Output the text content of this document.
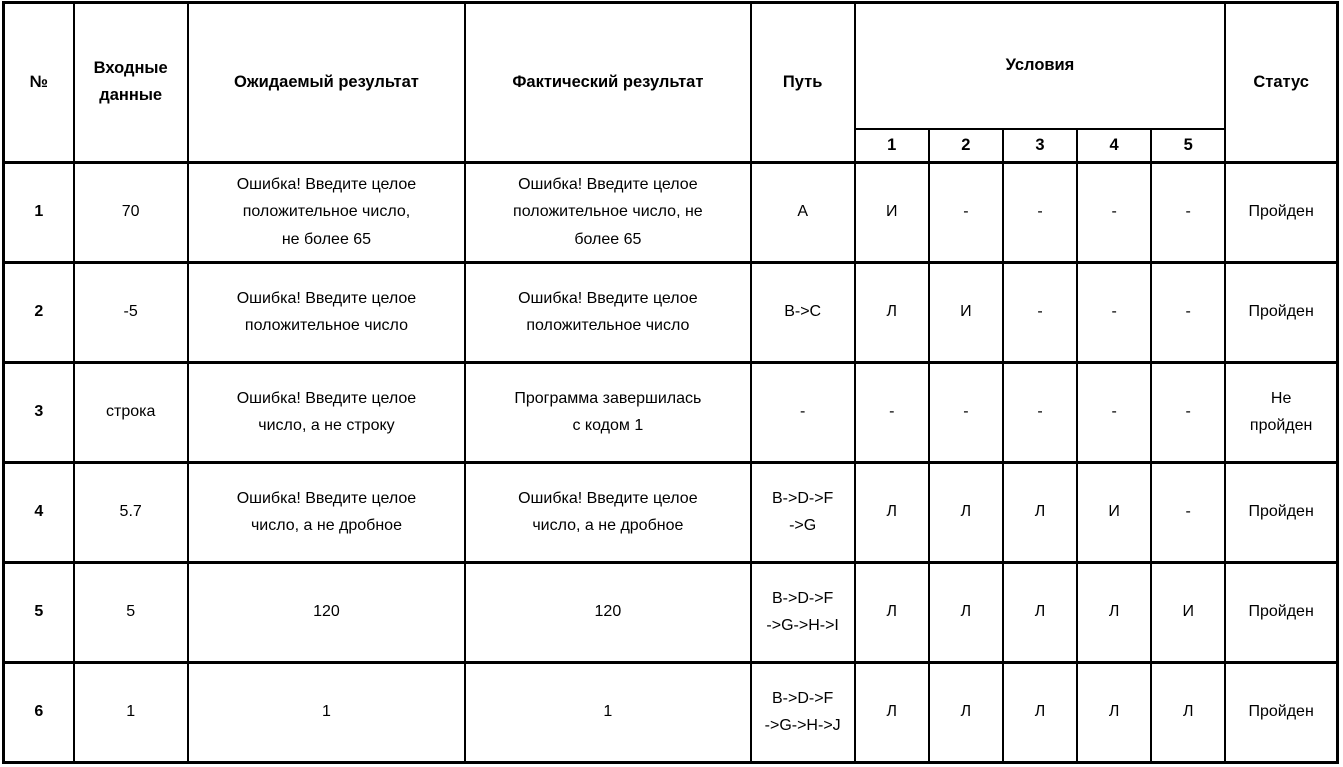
№	Входные данные	Ожидаемый результат	Фактический результат	Путь	Условия					Статус
					1	2	3	4	5	
1	70	Ошибка! Введите целое
положительное число,
не более 65	Ошибка! Введите целое
положительное число, не
более 65	A	И	-	-	-	-	Пройден
2	-5	Ошибка! Введите целое
положительное число	Ошибка! Введите целое
положительное число	B->C	Л	И	-	-	-	Пройден
3	строка	Ошибка! Введите целое
число, а не строку	Программа завершилась
с кодом 1	-	-	-	-	-	-	Не
пройден
4	5.7	Ошибка! Введите целое
число, а не дробное	Ошибка! Введите целое
число, а не дробное	B->D->F
->G	Л	Л	Л	И	-	Пройден
5	5	120	120	B->D->F
->G->H->I	Л	Л	Л	Л	И	Пройден
6	1	1	1	B->D->F
->G->H->J	Л	Л	Л	Л	Л	Пройден
